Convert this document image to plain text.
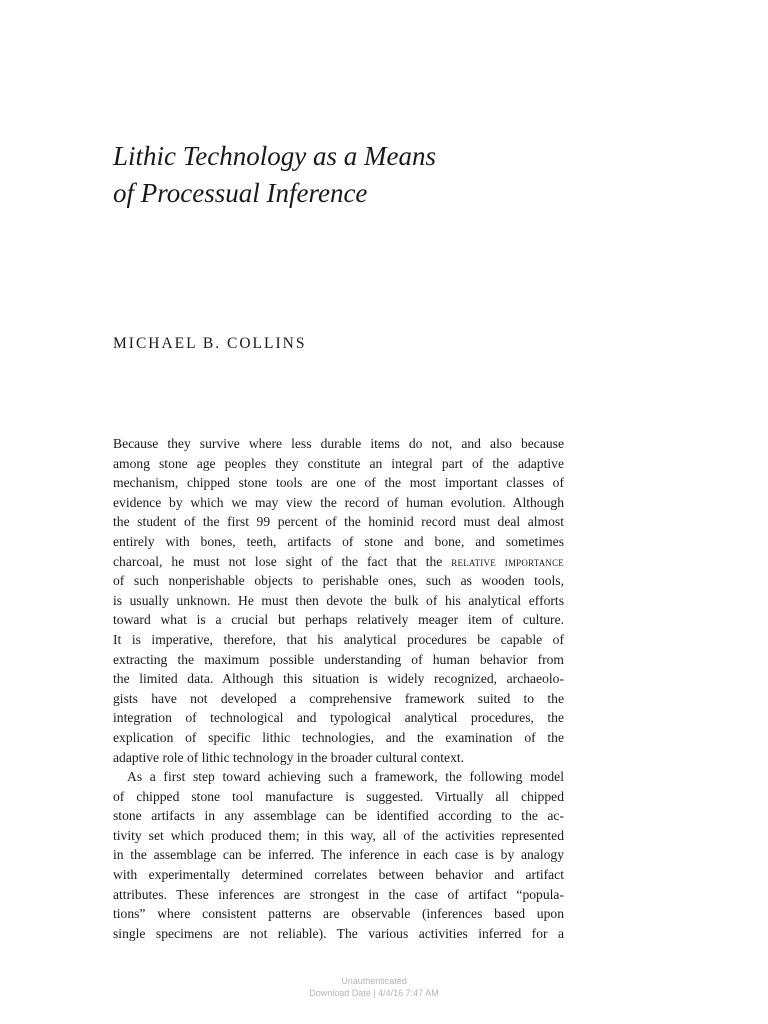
Lithic Technology as a Means
of Processual Inference
MICHAEL B. COLLINS
Because they survive where less durable items do not, and also because
among stone age peoples they constitute an integral part of the adaptive
mechanism, chipped stone tools are one of the most important classes of
evidence by which we may view the record of human evolution. Although
the student of the first 99 percent of the hominid record must deal almost
entirely with bones, teeth, artifacts of stone and bone, and sometimes
charcoal, he must not lose sight of the fact that the relative importance
of such nonperishable objects to perishable ones, such as wooden tools,
is usually unknown. He must then devote the bulk of his analytical efforts
toward what is a crucial but perhaps relatively meager item of culture.
It is imperative, therefore, that his analytical procedures be capable of
extracting the maximum possible understanding of human behavior from
the limited data. Although this situation is widely recognized, archaeolo-
gists have not developed a comprehensive framework suited to the
integration of technological and typological analytical procedures, the
explication of specific lithic technologies, and the examination of the
adaptive role of lithic technology in the broader cultural context.
As a first step toward achieving such a framework, the following model
of chipped stone tool manufacture is suggested. Virtually all chipped
stone artifacts in any assemblage can be identified according to the ac-
tivity set which produced them; in this way, all of the activities represented
in the assemblage can be inferred. The inference in each case is by analogy
with experimentally determined correlates between behavior and artifact
attributes. These inferences are strongest in the case of artifact “popula-
tions” where consistent patterns are observable (inferences based upon
single specimens are not reliable). The various activities inferred for a
Unauthenticated
Download Date | 4/4/16 7:47 AM
